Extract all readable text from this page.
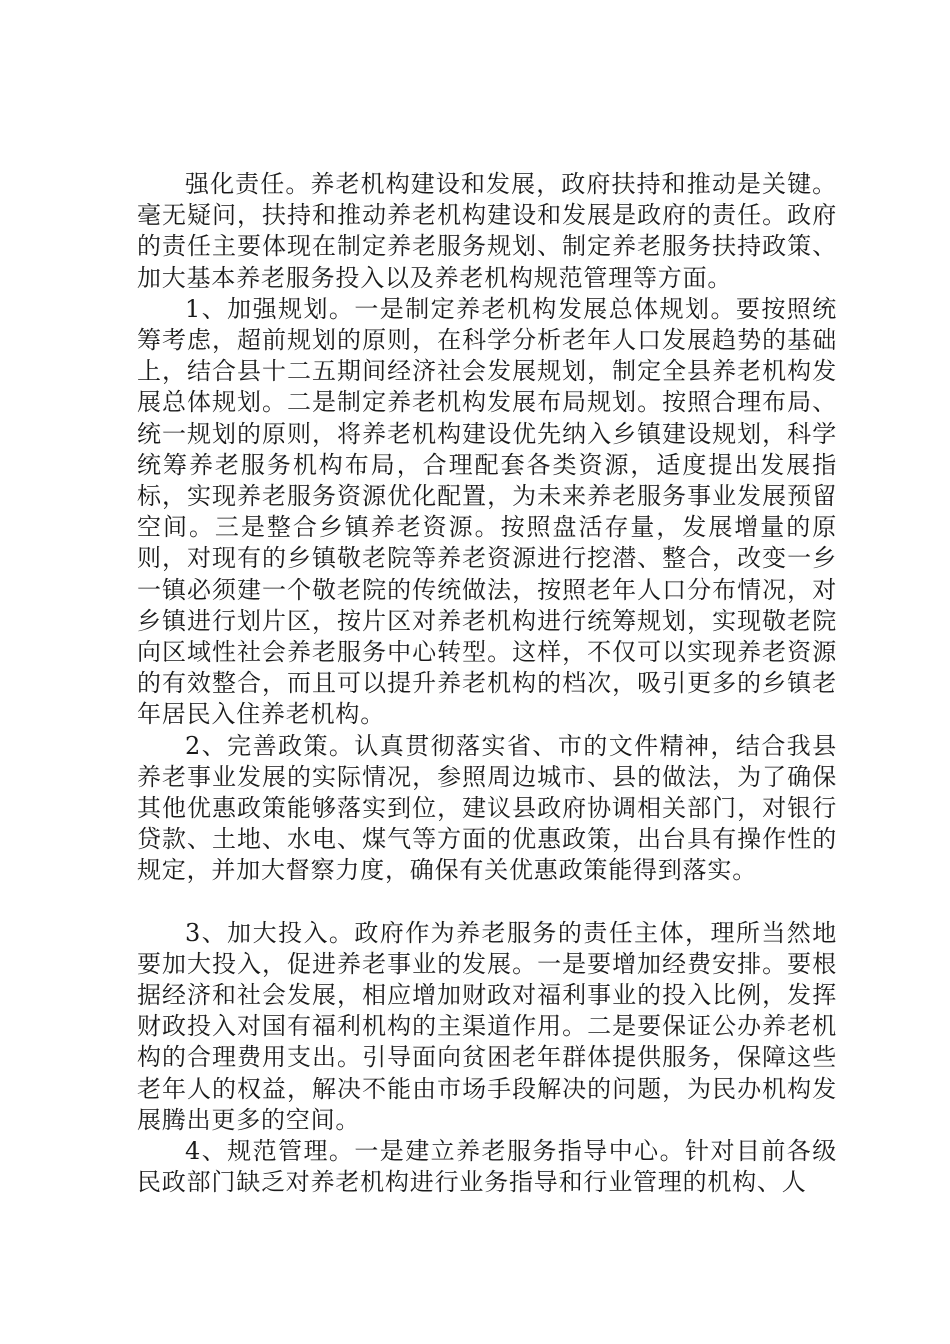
强化责任。养老机构建设和发展，政府扶持和推动是关键。毫无疑问，扶持和推动养老机构建设和发展是政府的责任。政府的责任主要体现在制定养老服务规划、制定养老服务扶持政策、加大基本养老服务投入以及养老机构规范管理等方面。

1、加强规划。一是制定养老机构发展总体规划。要按照统筹考虑，超前规划的原则，在科学分析老年人口发展趋势的基础上，结合县十二五期间经济社会发展规划，制定全县养老机构发展总体规划。二是制定养老机构发展布局规划。按照合理布局、统一规划的原则，将养老机构建设优先纳入乡镇建设规划，科学统筹养老服务机构布局，合理配套各类资源，适度提出发展指标，实现养老服务资源优化配置，为未来养老服务事业发展预留空间。三是整合乡镇养老资源。按照盘活存量，发展增量的原则，对现有的乡镇敬老院等养老资源进行挖潜、整合，改变一乡一镇必须建一个敬老院的传统做法，按照老年人口分布情况，对乡镇进行划片区，按片区对养老机构进行统筹规划，实现敬老院向区域性社会养老服务中心转型。这样，不仅可以实现养老资源的有效整合，而且可以提升养老机构的档次，吸引更多的乡镇老年居民入住养老机构。

2、完善政策。认真贯彻落实省、市的文件精神，结合我县养老事业发展的实际情况，参照周边城市、县的做法，为了确保其他优惠政策能够落实到位，建议县政府协调相关部门，对银行贷款、土地、水电、煤气等方面的优惠政策，出台具有操作性的规定，并加大督察力度，确保有关优惠政策能得到落实。

3、加大投入。政府作为养老服务的责任主体，理所当然地要加大投入，促进养老事业的发展。一是要增加经费安排。要根据经济和社会发展，相应增加财政对福利事业的投入比例，发挥财政投入对国有福利机构的主渠道作用。二是要保证公办养老机构的合理费用支出。引导面向贫困老年群体提供服务，保障这些老年人的权益，解决不能由市场手段解决的问题，为民办机构发展腾出更多的空间。

4、规范管理。一是建立养老服务指导中心。针对目前各级民政部门缺乏对养老机构进行业务指导和行业管理的机构、人
